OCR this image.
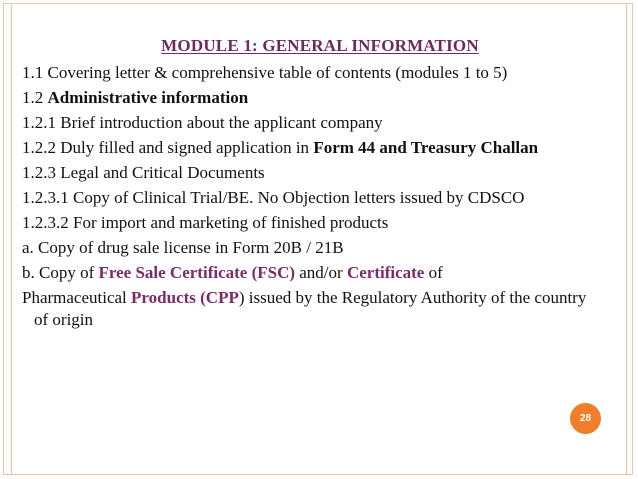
MODULE 1: GENERAL INFORMATION
1.1 Covering letter & comprehensive table of contents (modules 1 to 5)
1.2 Administrative information
1.2.1 Brief introduction about the applicant company
1.2.2 Duly filled and signed application in Form 44 and Treasury Challan
1.2.3 Legal and Critical Documents
1.2.3.1 Copy of Clinical Trial/BE. No Objection letters issued by CDSCO
1.2.3.2 For import and marketing of finished products
a. Copy of drug sale license in Form 20B / 21B
b. Copy of Free Sale Certificate (FSC) and/or Certificate of
Pharmaceutical Products (CPP) issued by the Regulatory Authority of the country of origin
28
